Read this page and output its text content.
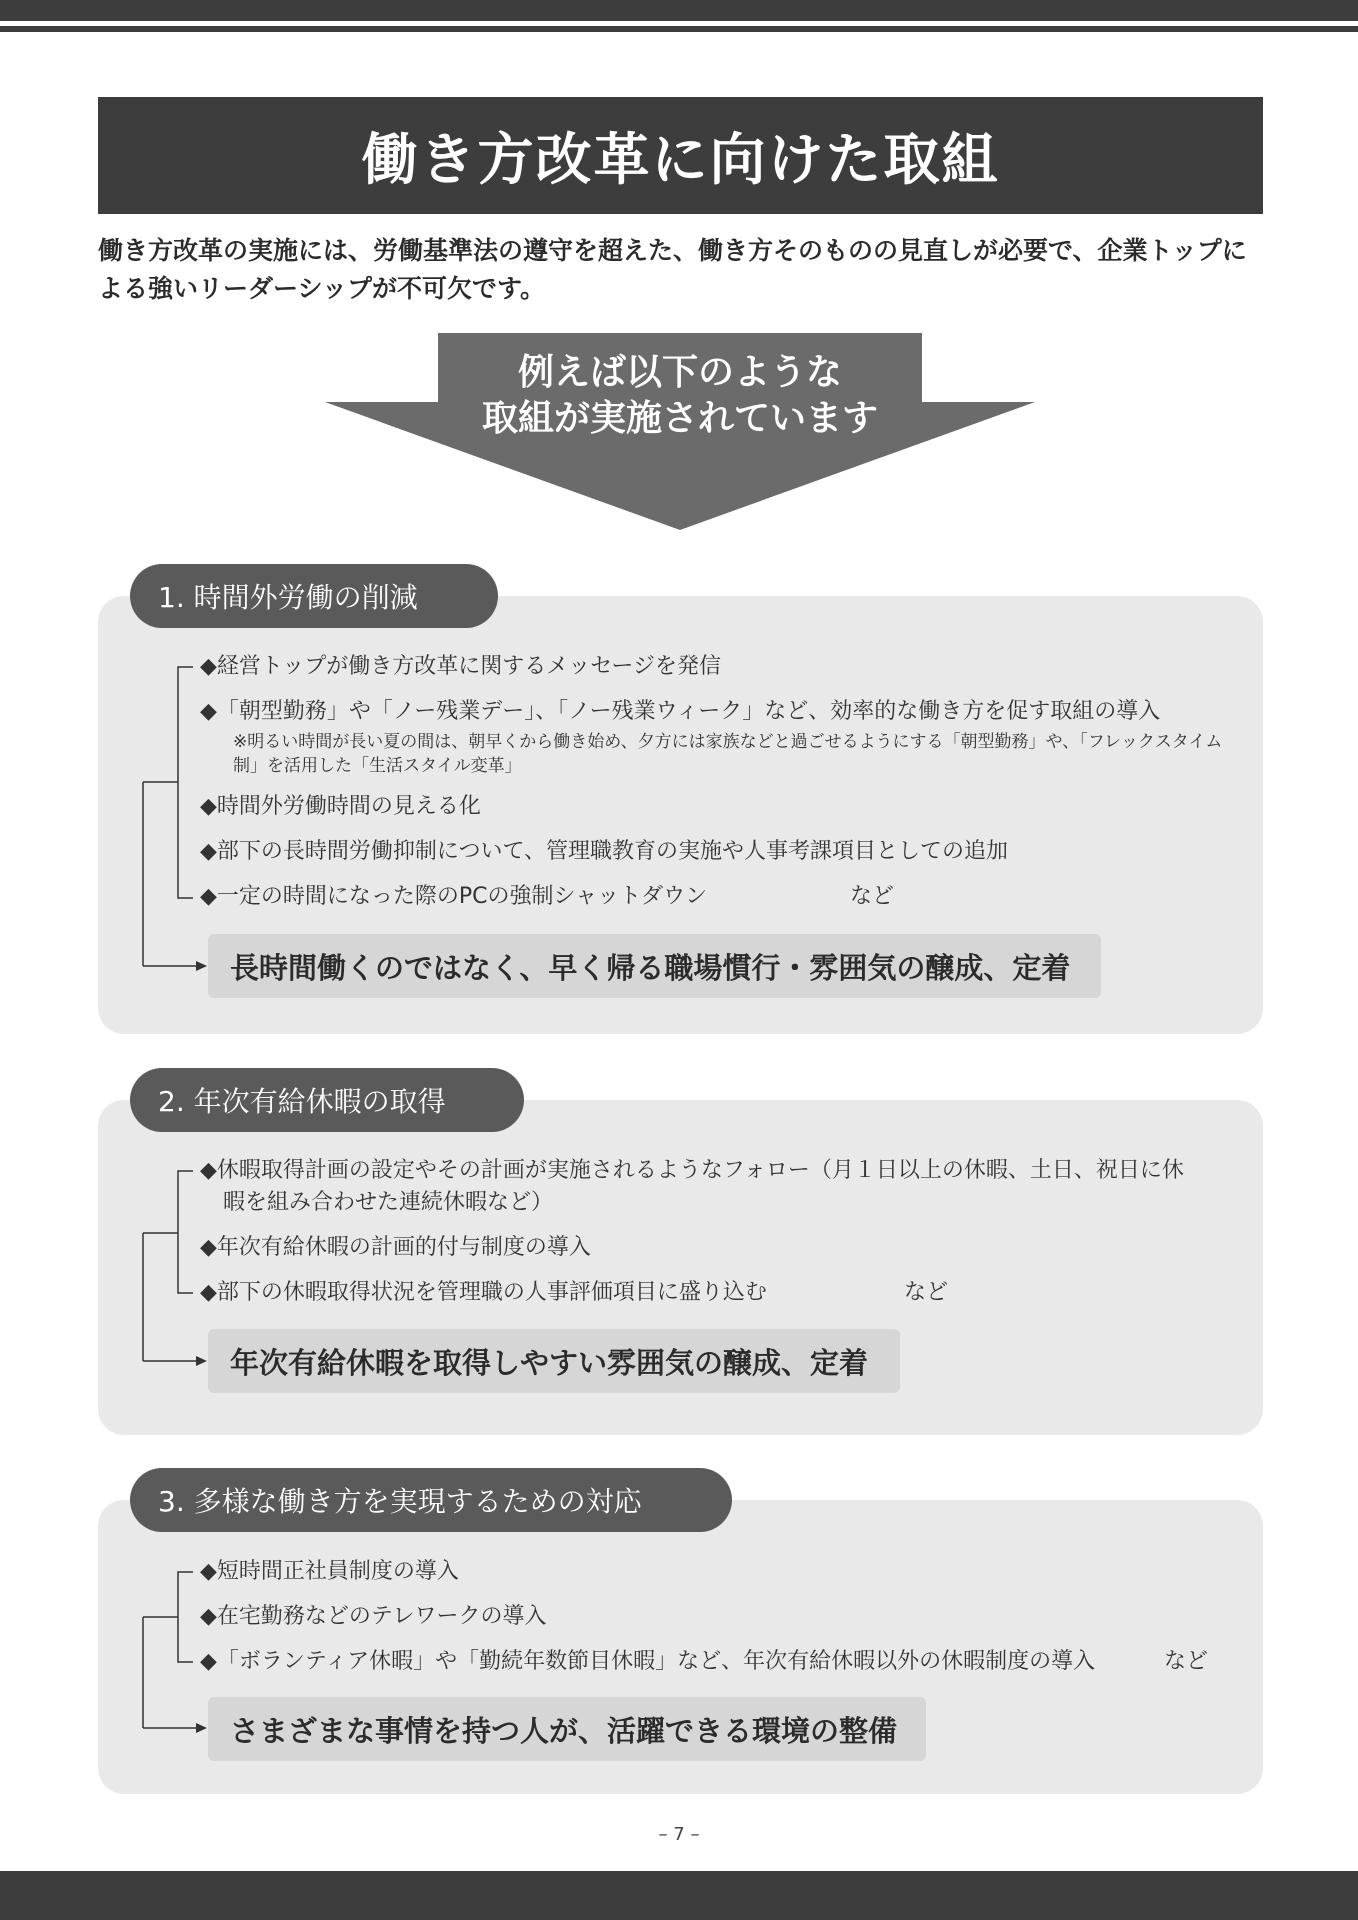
働き方改革に向けた取組
働き方改革の実施には、労働基準法の遵守を超えた、働き方そのものの見直しが必要で、企業トップによる強いリーダーシップが不可欠です。
例えば以下のような
取組が実施されています
1. 時間外労働の削減
◆経営トップが働き方改革に関するメッセージを発信
◆「朝型勤務」や「ノー残業デー」、「ノー残業ウィーク」など、効率的な働き方を促す取組の導入
※明るい時間が長い夏の間は、朝早くから働き始め、夕方には家族などと過ごせるようにする「朝型勤務」や、「フレックスタイム制」を活用した「生活スタイル変革」
◆時間外労働時間の見える化
◆部下の長時間労働抑制について、管理職教育の実施や人事考課項目としての追加
◆一定の時間になった際のPCの強制シャットダウン	など
長時間働くのではなく、早く帰る職場慣行・雰囲気の醸成、定着
2. 年次有給休暇の取得
◆休暇取得計画の設定やその計画が実施されるようなフォロー（月１日以上の休暇、土日、祝日に休
暇を組み合わせた連続休暇など）
◆年次有給休暇の計画的付与制度の導入
◆部下の休暇取得状況を管理職の人事評価項目に盛り込む	など
年次有給休暇を取得しやすい雰囲気の醸成、定着
3. 多様な働き方を実現するための対応
◆短時間正社員制度の導入
◆在宅勤務などのテレワークの導入
◆「ボランティア休暇」や「勤続年数節目休暇」など、年次有給休暇以外の休暇制度の導入	など
さまざまな事情を持つ人が、活躍できる環境の整備
– 7 –
